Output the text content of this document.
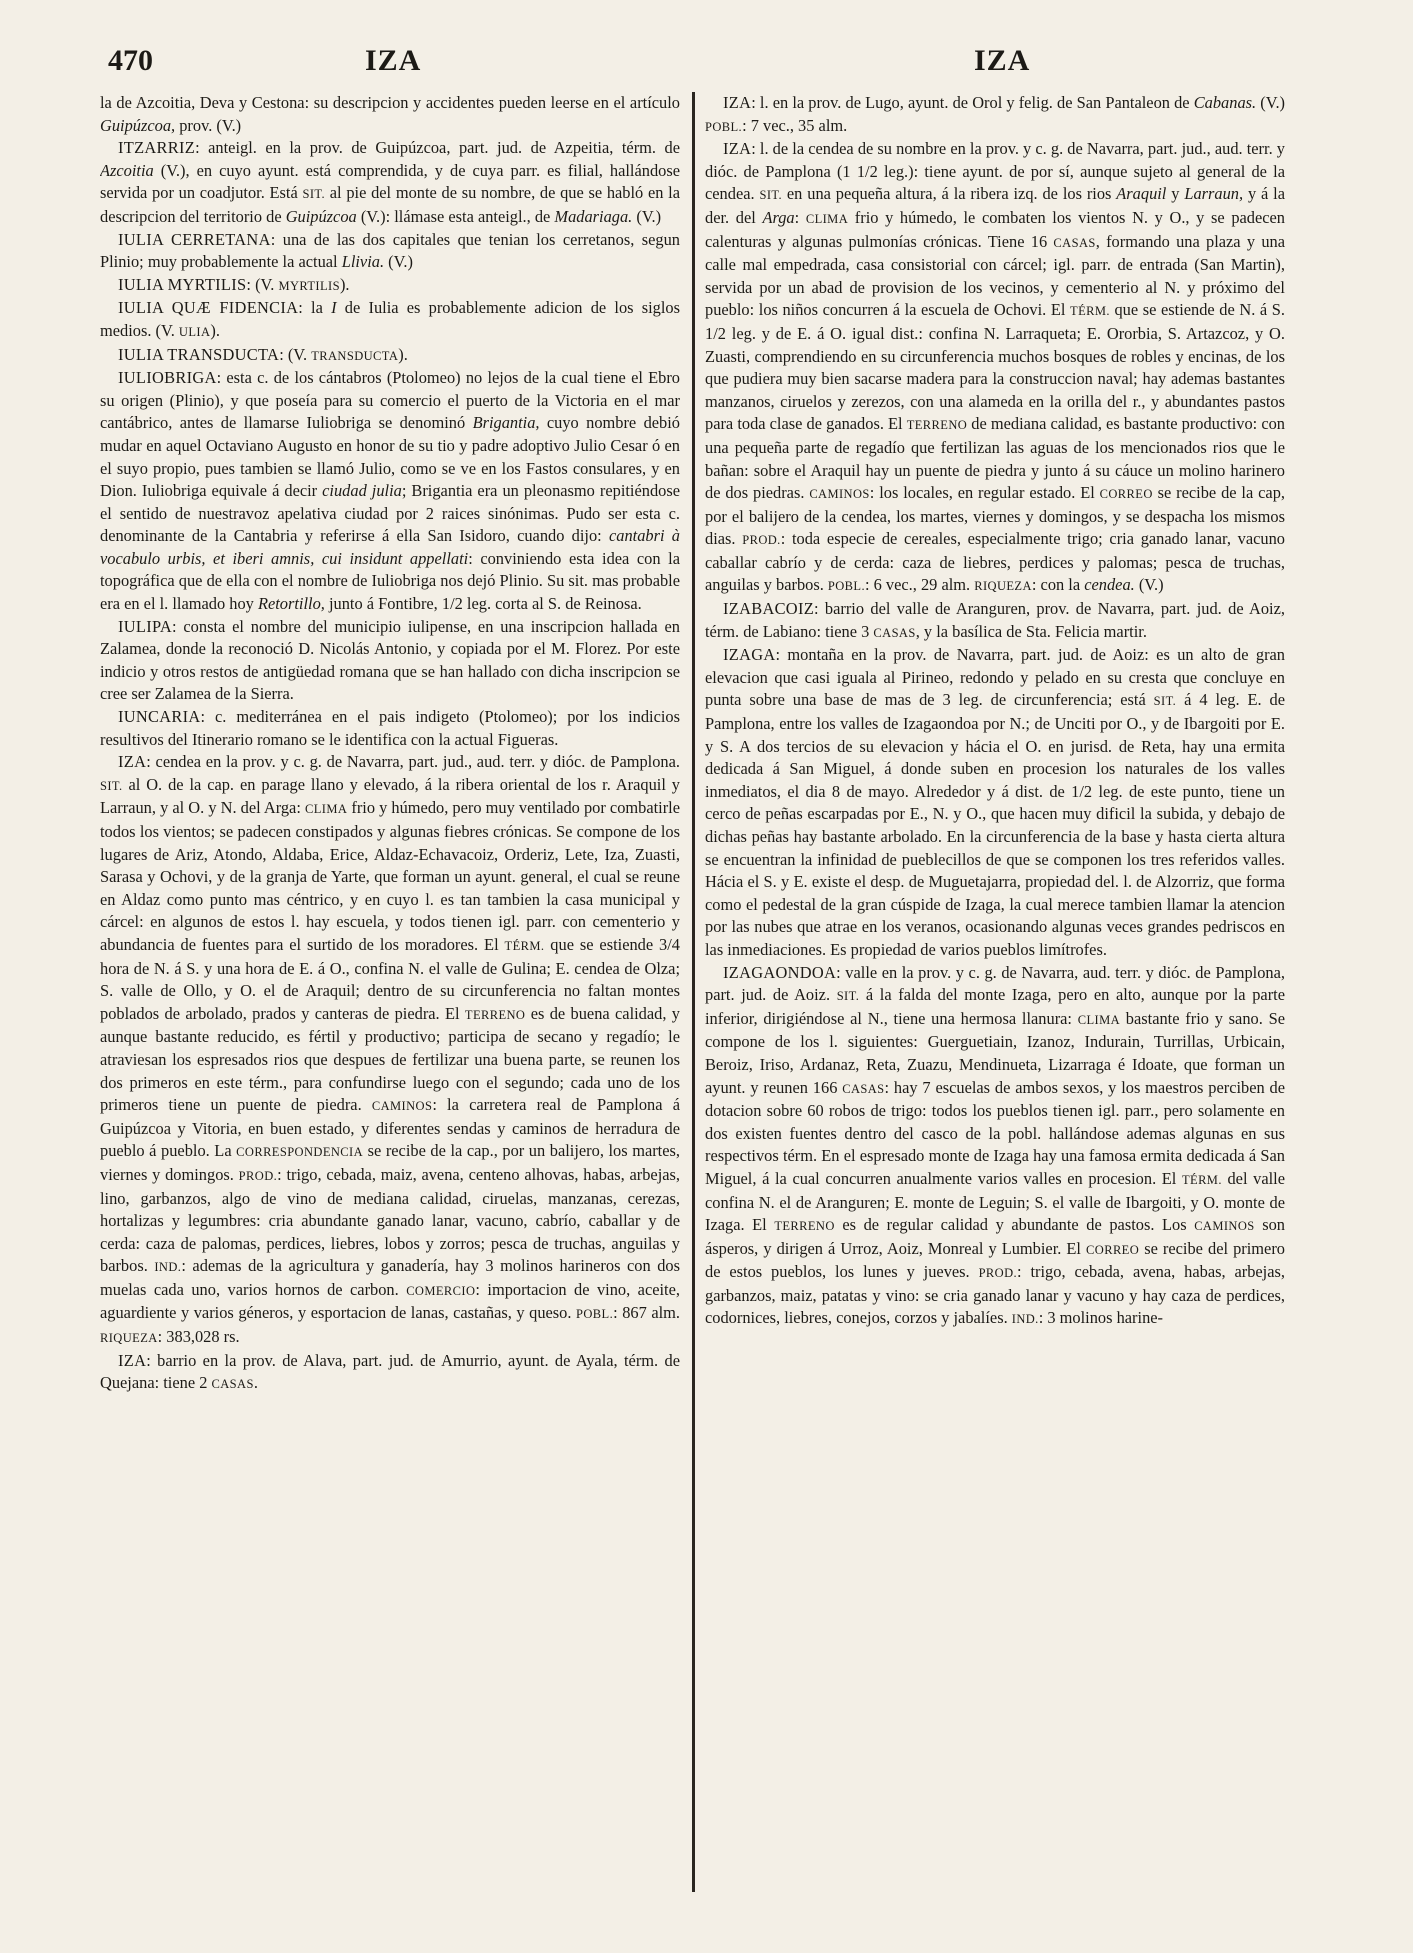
470	IZA	IZA

la de Azcoitia, Deva y Cestona: su descripcion y accidentes pueden leerse en el artículo Guipúzcoa, prov. (V.)

ITZARRIZ: anteigl. en la prov. de Guipúzcoa, part. jud. de Azpeitia, térm. de Azcoitia (V.), en cuyo ayunt. está comprendida, y de cuya parr. es filial, hallándose servida por un coadjutor. Está SIT. al pie del monte de su nombre, de que se habló en la descripcion del territorio de Guipúzcoa (V.): llámase esta anteigl., de Madariaga. (V.)

IULIA CERRETANA: una de las dos capitales que tenian los cerretanos, segun Plinio; muy probablemente la actual Llivia. (V.)

IULIA MYRTILIS: (V. MYRTILIS).

IULIA QUÆ FIDENCIA: la I de Iulia es probablemente adicion de los siglos medios. (V. ULIA).

IULIA TRANSDUCTA: (V. TRANSDUCTA).

IULIOBRIGA: esta c. de los cántabros (Ptolomeo) no lejos de la cual tiene el Ebro su origen (Plinio), y que poseía para su comercio el puerto de la Victoria en el mar cantábrico, antes de llamarse Iuliobriga se denominó Brigantia, cuyo nombre debió mudar en aquel Octaviano Augusto en honor de su tio y padre adoptivo Julio Cesar ó en el suyo propio, pues tambien se llamó Julio, como se ve en los Fastos consulares, y en Dion. Iuliobriga equivale á decir ciudad julia; Brigantia era un pleonasmo repitiéndose el sentido de nuestravoz apelativa ciudad por 2 raices sinónimas. Pudo ser esta c. denominante de la Cantabria y referirse á ella San Isidoro, cuando dijo: cantabri à vocabulo urbis, et iberi amnis, cui insidunt appellati: conviniendo esta idea con la topográfica que de ella con el nombre de Iuliobriga nos dejó Plinio. Su sit. mas probable era en el l. llamado hoy Retortillo, junto á Fontibre, 1/2 leg. corta al S. de Reinosa.

IULIPA: consta el nombre del municipio iulipense, en una inscripcion hallada en Zalamea, donde la reconoció D. Nicolás Antonio, y copiada por el M. Florez. Por este indicio y otros restos de antigüedad romana que se han hallado con dicha inscripcion se cree ser Zalamea de la Sierra.

IUNCARIA: c. mediterránea en el pais indigeto (Ptolomeo); por los indicios resultivos del Itinerario romano se le identifica con la actual Figueras.

IZA: cendea en la prov. y c. g. de Navarra, part. jud., aud. terr. y dióc. de Pamplona. SIT. al O. de la cap. en parage llano y elevado, á la ribera oriental de los r. Araquil y Larraun, y al O. y N. del Arga: CLIMA frio y húmedo, pero muy ventilado por combatirle todos los vientos; se padecen constipados y algunas fiebres crónicas. Se compone de los lugares de Ariz, Atondo, Aldaba, Erice, Aldaz-Echavacoiz, Orderiz, Lete, Iza, Zuasti, Sarasa y Ochovi, y de la granja de Yarte, que forman un ayunt. general, el cual se reune en Aldaz como punto mas céntrico, y en cuyo l. es tan tambien la casa municipal y cárcel: en algunos de estos l. hay escuela, y todos tienen igl. parr. con cementerio y abundancia de fuentes para el surtido de los moradores. El TÉRM. que se estiende 3/4 hora de N. á S. y una hora de E. á O., confina N. el valle de Gulina; E. cendea de Olza; S. valle de Ollo, y O. el de Araquil; dentro de su circunferencia no faltan montes poblados de arbolado, prados y canteras de piedra. El TERRENO es de buena calidad, y aunque bastante reducido, es fértil y productivo; participa de secano y regadío; le atraviesan los espresados rios que despues de fertilizar una buena parte, se reunen los dos primeros en este térm., para confundirse luego con el segundo; cada uno de los primeros tiene un puente de piedra. CAMINOS: la carretera real de Pamplona á Guipúzcoa y Vitoria, en buen estado, y diferentes sendas y caminos de herradura de pueblo á pueblo. La CORRESPONDENCIA se recibe de la cap., por un balijero, los martes, viernes y domingos. PROD.: trigo, cebada, maiz, avena, centeno alhovas, habas, arbejas, lino, garbanzos, algo de vino de mediana calidad, ciruelas, manzanas, cerezas, hortalizas y legumbres: cria abundante ganado lanar, vacuno, cabrío, caballar y de cerda: caza de palomas, perdices, liebres, lobos y zorros; pesca de truchas, anguilas y barbos. IND.: ademas de la agricultura y ganadería, hay 3 molinos harineros con dos muelas cada uno, varios hornos de carbon. COMERCIO: importacion de vino, aceite, aguardiente y varios géneros, y esportacion de lanas, castañas, y queso. POBL.: 867 alm. RIQUEZA: 383,028 rs.

IZA: barrio en la prov. de Alava, part. jud. de Amurrio, ayunt. de Ayala, térm. de Quejana: tiene 2 CASAS.

IZA: l. en la prov. de Lugo, ayunt. de Orol y felig. de San Pantaleon de Cabanas. (V.) POBL.: 7 vec., 35 alm.

IZA: l. de la cendea de su nombre en la prov. y c. g. de Navarra, part. jud., aud. terr. y dióc. de Pamplona (1 1/2 leg.): tiene ayunt. de por sí, aunque sujeto al general de la cendea. SIT. en una pequeña altura, á la ribera izq. de los rios Araquil y Larraun, y á la der. del Arga: CLIMA frio y húmedo, le combaten los vientos N. y O., y se padecen calenturas y algunas pulmonías crónicas. Tiene 16 CASAS, formando una plaza y una calle mal empedrada, casa consistorial con cárcel; igl. parr. de entrada (San Martin), servida por un abad de provision de los vecinos, y cementerio al N. y próximo del pueblo: los niños concurren á la escuela de Ochovi. El TÉRM. que se estiende de N. á S. 1/2 leg. y de E. á O. igual dist.: confina N. Larraqueta; E. Ororbia, S. Artazcoz, y O. Zuasti, comprendiendo en su circunferencia muchos bosques de robles y encinas, de los que pudiera muy bien sacarse madera para la construccion naval; hay ademas bastantes manzanos, ciruelos y zerezos, con una alameda en la orilla del r., y abundantes pastos para toda clase de ganados. El TERRENO de mediana calidad, es bastante productivo: con una pequeña parte de regadío que fertilizan las aguas de los mencionados rios que le bañan: sobre el Araquil hay un puente de piedra y junto á su cáuce un molino harinero de dos piedras. CAMINOS: los locales, en regular estado. El CORREO se recibe de la cap, por el balijero de la cendea, los martes, viernes y domingos, y se despacha los mismos dias. PROD.: toda especie de cereales, especialmente trigo; cria ganado lanar, vacuno caballar cabrío y de cerda: caza de liebres, perdices y palomas; pesca de truchas, anguilas y barbos. POBL.: 6 vec., 29 alm. RIQUEZA: con la cendea. (V.)

IZABACOIZ: barrio del valle de Aranguren, prov. de Navarra, part. jud. de Aoiz, térm. de Labiano: tiene 3 CASAS, y la basílica de Sta. Felicia martir.

IZAGA: montaña en la prov. de Navarra, part. jud. de Aoiz: es un alto de gran elevacion que casi iguala al Pirineo, redondo y pelado en su cresta que concluye en punta sobre una base de mas de 3 leg. de circunferencia; está SIT. á 4 leg. E. de Pamplona, entre los valles de Izagaondoa por N.; de Unciti por O., y de Ibargoiti por E. y S. A dos tercios de su elevacion y hácia el O. en jurisd. de Reta, hay una ermita dedicada á San Miguel, á donde suben en procesion los naturales de los valles inmediatos, el dia 8 de mayo. Alrededor y á dist. de 1/2 leg. de este punto, tiene un cerco de peñas escarpadas por E., N. y O., que hacen muy dificil la subida, y debajo de dichas peñas hay bastante arbolado. En la circunferencia de la base y hasta cierta altura se encuentran la infinidad de pueblecillos de que se componen los tres referidos valles. Hácia el S. y E. existe el desp. de Muguetajarra, propiedad del. l. de Alzorriz, que forma como el pedestal de la gran cúspide de Izaga, la cual merece tambien llamar la atencion por las nubes que atrae en los veranos, ocasionando algunas veces grandes pedriscos en las inmediaciones. Es propiedad de varios pueblos limítrofes.

IZAGAONDOA: valle en la prov. y c. g. de Navarra, aud. terr. y dióc. de Pamplona, part. jud. de Aoiz. SIT. á la falda del monte Izaga, pero en alto, aunque por la parte inferior, dirigiéndose al N., tiene una hermosa llanura: CLIMA bastante frio y sano. Se compone de los l. siguientes: Guerguetiain, Izanoz, Indurain, Turrillas, Urbicain, Beroiz, Iriso, Ardanaz, Reta, Zuazu, Mendinueta, Lizarraga é Idoate, que forman un ayunt. y reunen 166 CASAS: hay 7 escuelas de ambos sexos, y los maestros perciben de dotacion sobre 60 robos de trigo: todos los pueblos tienen igl. parr., pero solamente en dos existen fuentes dentro del casco de la pobl. hallándose ademas algunas en sus respectivos térm. En el espresado monte de Izaga hay una famosa ermita dedicada á San Miguel, á la cual concurren anualmente varios valles en procesion. El TÉRM. del valle confina N. el de Aranguren; E. monte de Leguin; S. el valle de Ibargoiti, y O. monte de Izaga. El TERRENO es de regular calidad y abundante de pastos. Los CAMINOS son ásperos, y dirigen á Urroz, Aoiz, Monreal y Lumbier. El CORREO se recibe del primero de estos pueblos, los lunes y jueves. PROD.: trigo, cebada, avena, habas, arbejas, garbanzos, maiz, patatas y vino: se cria ganado lanar y vacuno y hay caza de perdices, codornices, liebres, conejos, corzos y jabalíes. IND.: 3 molinos harine-
